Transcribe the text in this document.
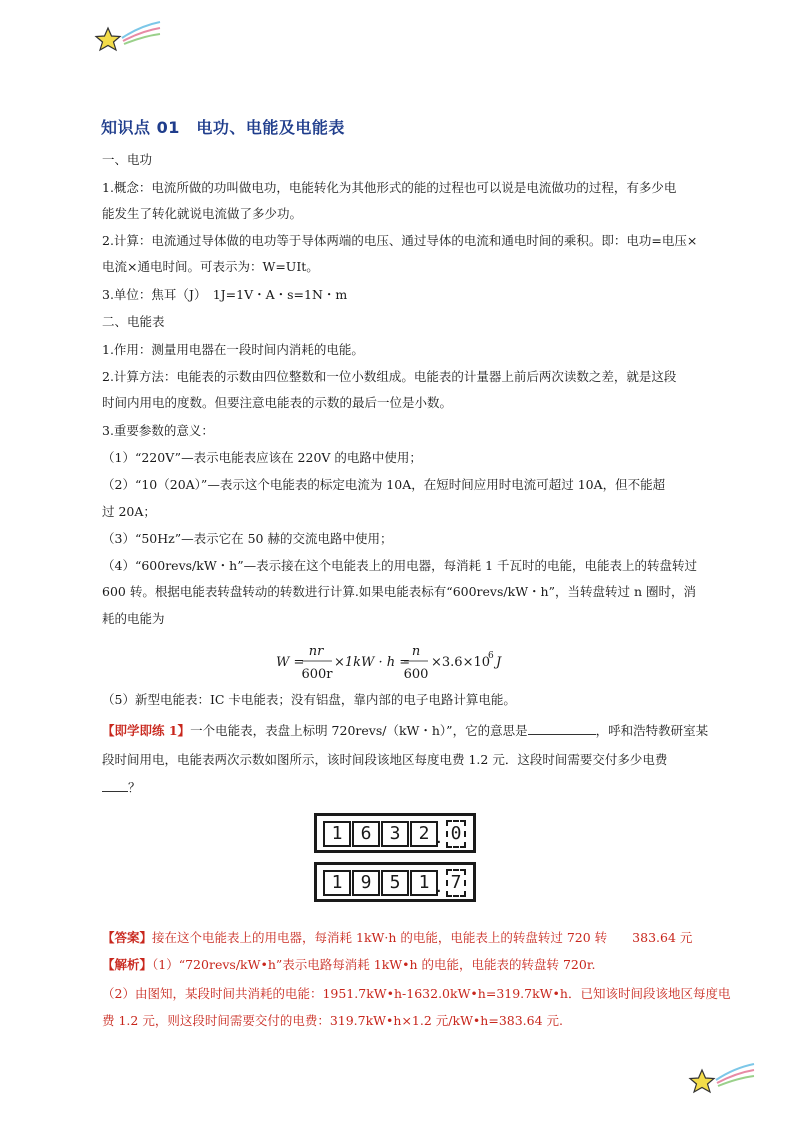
知识点 01　电功、电能及电能表
一、电功
1.概念：电流所做的功叫做电功，电能转化为其他形式的能的过程也可以说是电流做功的过程，有多少电
能发生了转化就说电流做了多少功。
2.计算：电流通过导体做的电功等于导体两端的电压、通过导体的电流和通电时间的乘积。即：电功=电压×
电流×通电时间。可表示为：W=UIt。
3.单位：焦耳（J）　1J=1V・A・s=1N・m
二、电能表
1.作用：测量用电器在一段时间内消耗的电能。
2.计算方法：电能表的示数由四位整数和一位小数组成。电能表的计量器上前后两次读数之差，就是这段
时间内用电的度数。但要注意电能表的示数的最后一位是小数。
3.重要参数的意义：
（1）“220V”—表示电能表应该在 220V 的电路中使用；
（2）“10（20A）”—表示这个电能表的标定电流为 10A，在短时间应用时电流可超过 10A，但不能超
过 20A；
（3）“50Hz”—表示它在 50 赫的交流电路中使用；
（4）“600revs/kW・h”—表示接在这个电能表上的用电器，每消耗 1 千瓦时的电能，电能表上的转盘转过
600 转。根据电能表转盘转动的转数进行计算.如果电能表标有“600revs/kW・h”，当转盘转过 n 圈时，消
耗的电能为
W =
nr
600r
×1kW · h =
n
600
×3.6×10
6 J
（5）新型电能表：IC 卡电能表；没有铝盘，靠内部的电子电路计算电能。
【即学即练 1】一个电能表，表盘上标明 720revs/（kW・h）”，它的意思是	，呼和浩特教研室某
段时间用电，电能表两次示数如图所示，该时间段该地区每度电费 1.2 元．这段时间需要交付多少电费
？
1	6	3	2 . 0
1	9	5	1 . 7
【答案】接在这个电能表上的用电器，每消耗 1kW·h 的电能，电能表上的转盘转过 720 转　　383.64 元
【解析】（1）“720revs/kW•h”表示电路每消耗 1kW•h 的电能，电能表的转盘转 720r.
（2）由图知，某段时间共消耗的电能：1951.7kW•h-1632.0kW•h=319.7kW•h．已知该时间段该地区每度电
费 1.2 元，则这段时间需要交付的电费：319.7kW•h×1.2 元/kW•h=383.64 元.
